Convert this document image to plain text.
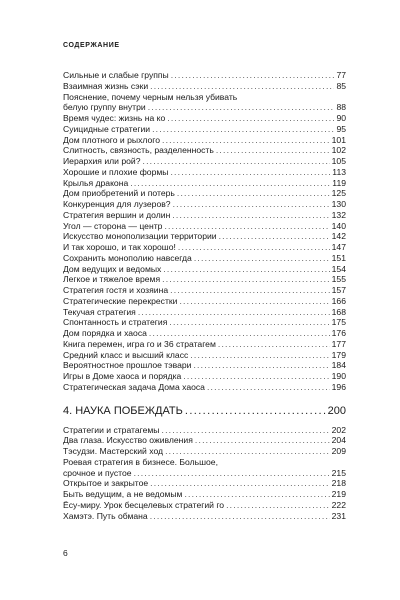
СОДЕРЖАНИЕ
Сильные и слабые группы .....	77
Взаимная жизнь сэки .....	85
Пояснение, почему черным нельзя убивать
белую группу внутри .....	88
Время чудес: жизнь на ко .....	90
Суицидные стратегии .....	95
Дом плотного и рыхлого .....	101
Слитность, связность, разделенность .....	102
Иерархия или рой? .....	105
Хорошие и плохие формы .....	113
Крылья дракона .....	119
Дом приобретений и потерь .....	125
Конкуренция для лузеров? .....	130
Стратегия вершин и долин .....	132
Угол — сторона — центр .....	140
Искусство монополизации территории .....	142
И так хорошо, и так хорошо! .....	147
Сохранить монополию навсегда .....	151
Дом ведущих и ведомых .....	154
Легкое и тяжелое время .....	155
Стратегия гостя и хозяина .....	157
Стратегические перекрестки .....	166
Текучая стратегия .....	168
Спонтанность и стратегия .....	175
Дом порядка и хаоса .....	176
Книга перемен, игра го и 36 стратагем .....	177
Средний класс и высший класс .....	179
Вероятностное прошлое тэвари .....	184
Игры в Доме хаоса и порядка .....	190
Стратегическая задача Дома хаоса .....	196
4. НАУКА ПОБЕЖДАТЬ .....	200
Стратегии и стратагемы .....	202
Два глаза. Искусство оживления .....	204
Тэсудзи. Мастерский ход .....	209
Роевая стратегия в бизнесе. Большое,
срочное и пустое .....	215
Открытое и закрытое .....	218
Быть ведущим, а не ведомым .....	219
Ёсу-миру. Урок бесцелевых стратегий го .....	222
Хамэтэ. Путь обмана .....	231
6
